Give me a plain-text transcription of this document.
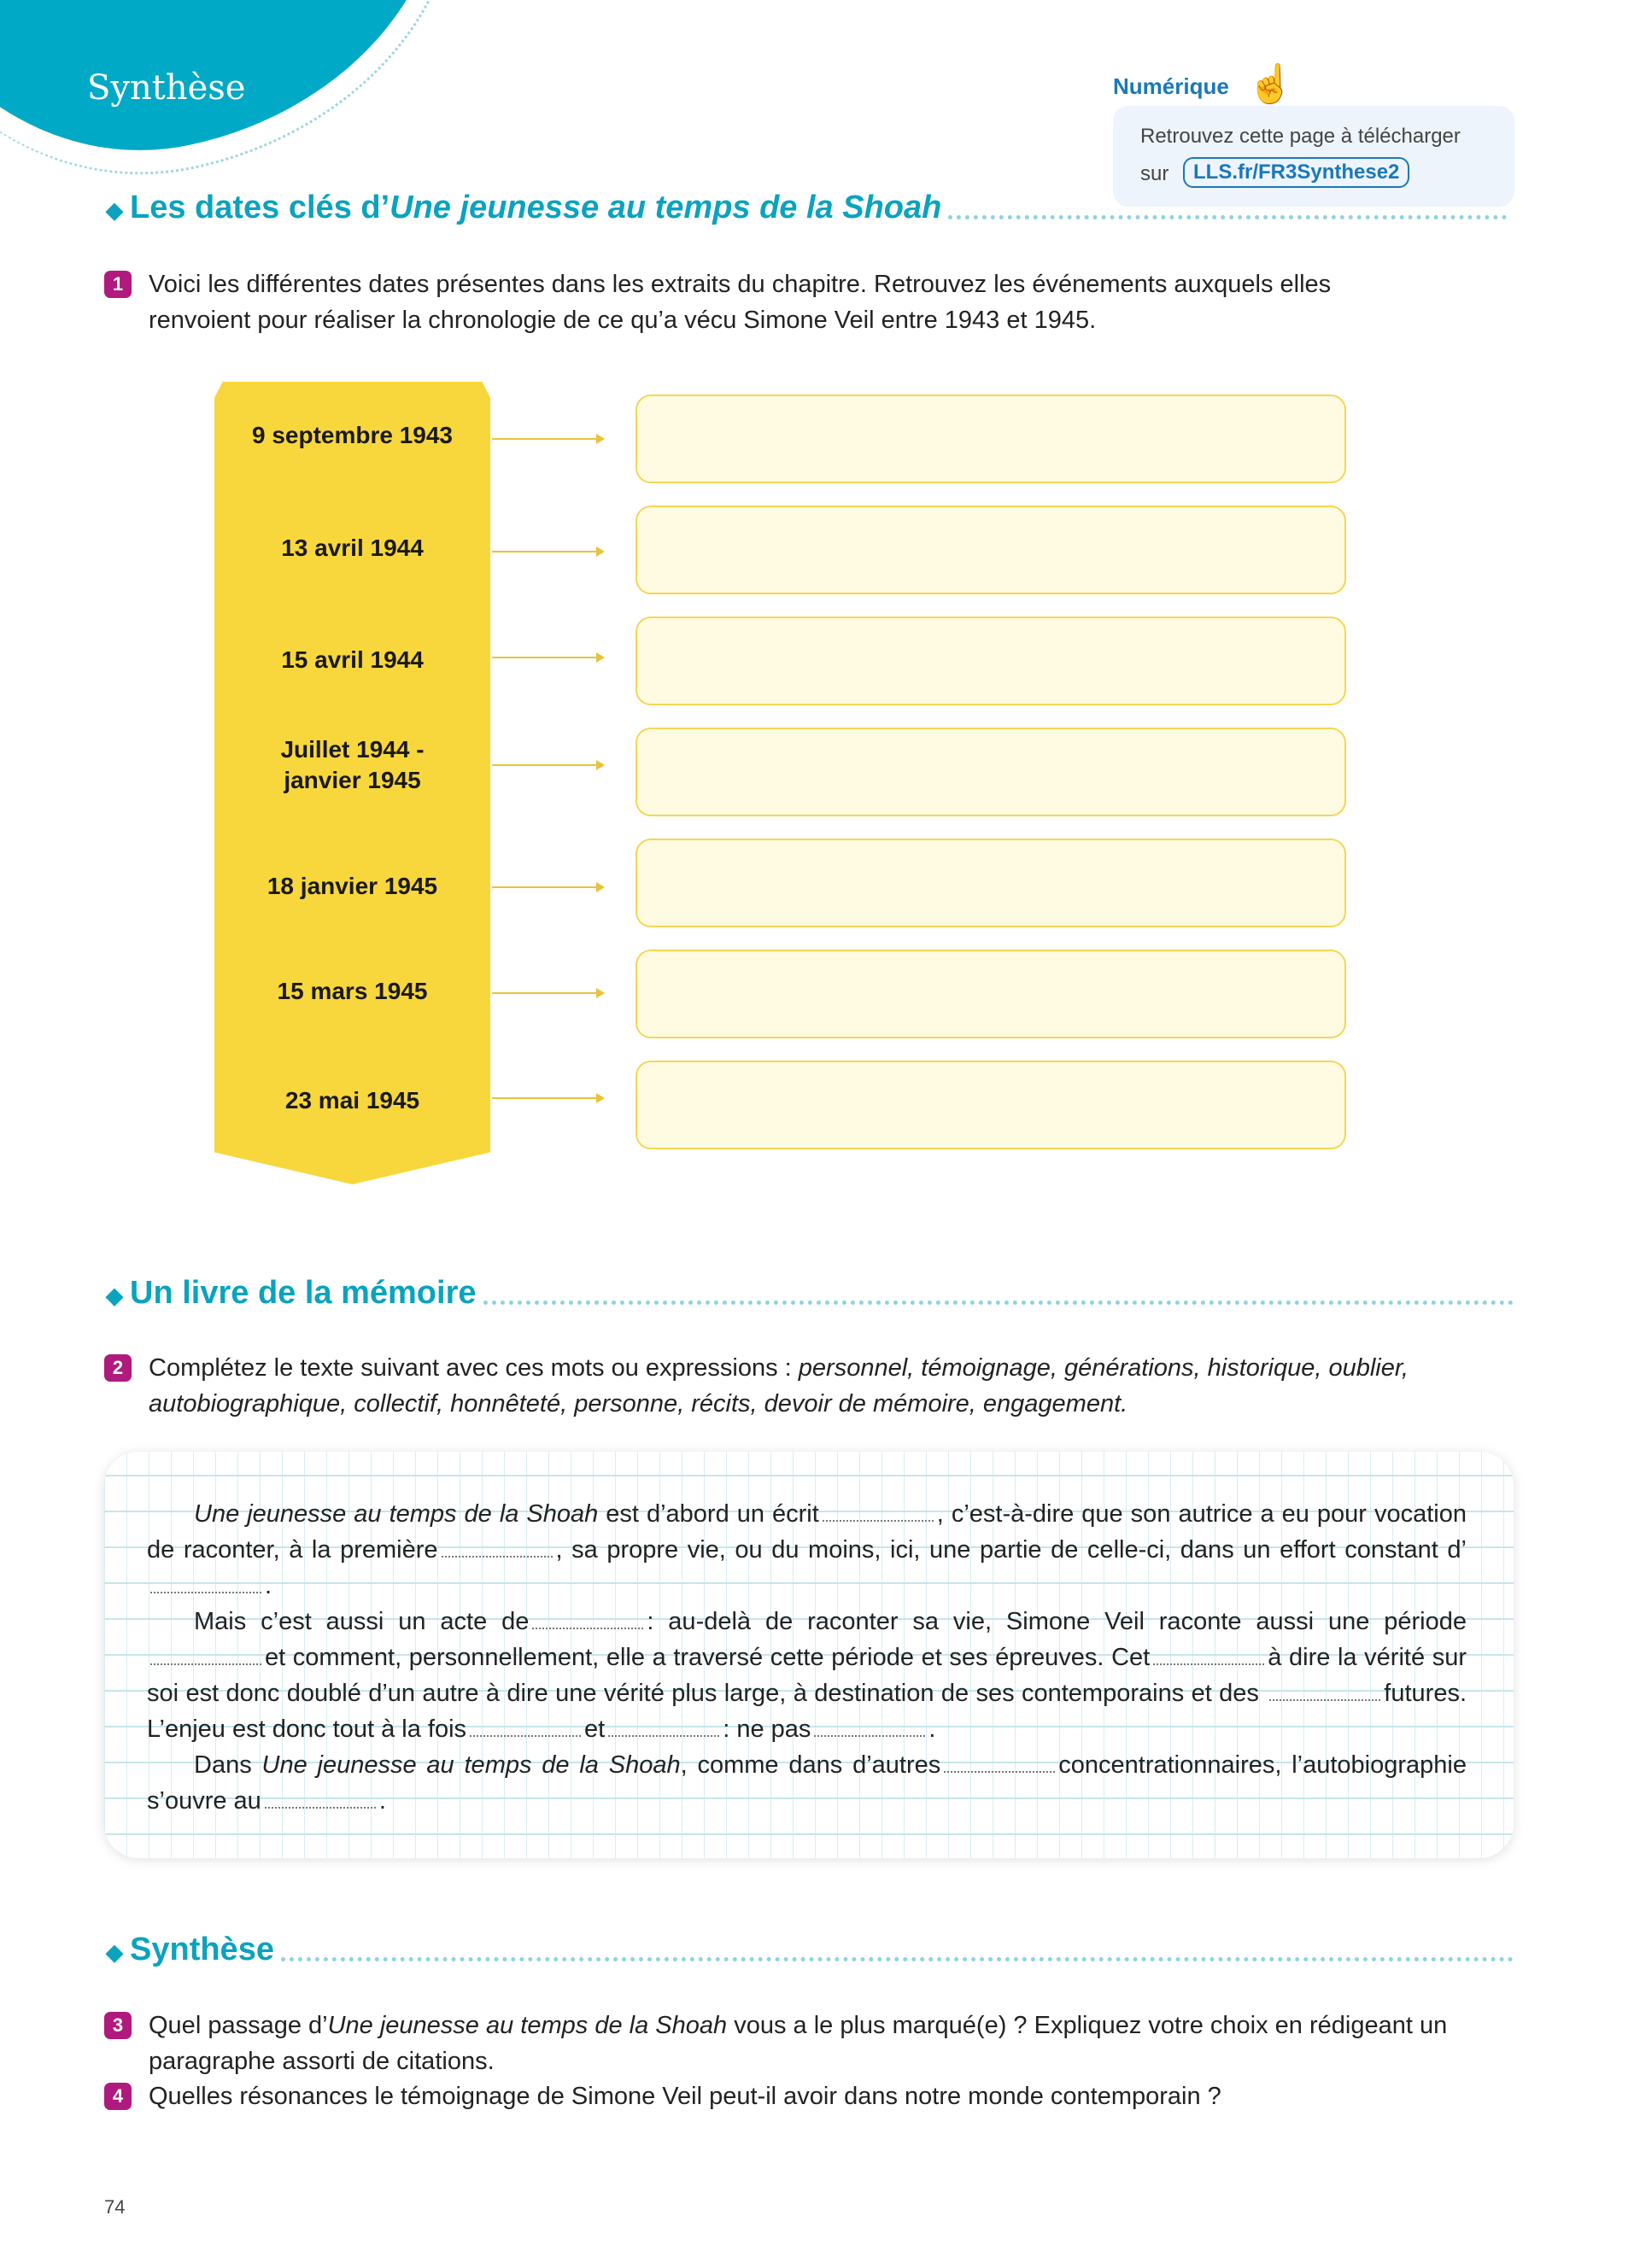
Synthèse	Numérique ☝
Retrouvez cette page à télécharger
sur	LLS.fr/FR3Synthese2
◆ Les dates clés d’ Une jeunesse au temps de la Shoah
1	Voici les différentes dates présentes dans les extraits du chapitre. Retrouvez les événements auxquels elles renvoient pour réaliser la chronologie de ce qu’a vécu Simone Veil entre 1943 et 1945.
9 septembre 1943
13 avril 1944
15 avril 1944
Juillet 1944 - janvier 1945
18 janvier 1945
15 mars 1945
23 mai 1945
◆ Un livre de la mémoire
2	Complétez le texte suivant avec ces mots ou expressions : personnel, témoignage, générations, historique, oublier, autobiographique, collectif, honnêteté, personne, récits, devoir de mémoire, engagement.

Une jeunesse au temps de la Shoah est d’abord un écrit	, c’est-à-dire que son autrice a eu pour vocation de raconter, à la première	, sa propre vie, ou du moins, ici, une partie de celle-ci, dans un effort constant d’.

Mais c’est aussi un acte de	: au-delà de raconter sa vie, Simone Veil raconte aussi une période et comment, personnellement, elle a traversé cette période et ses épreuves. Cet	à dire la vérité sur soi est donc doublé d’un autre à dire une vérité plus large, à destination de ses contemporains et des	futures. L’enjeu est donc tout à la fois	et	: ne pas	.

Dans Une jeunesse au temps de la Shoah, comme dans d’autres	concentrationnaires, l’autobiographie s’ouvre au	.

◆ Synthèse
3	Quel passage d’Une jeunesse au temps de la Shoah vous a le plus marqué(e) ? Expliquez votre choix en rédigeant un paragraphe assorti de citations.
4	Quelles résonances le témoignage de Simone Veil peut-il avoir dans notre monde contemporain ?
74
